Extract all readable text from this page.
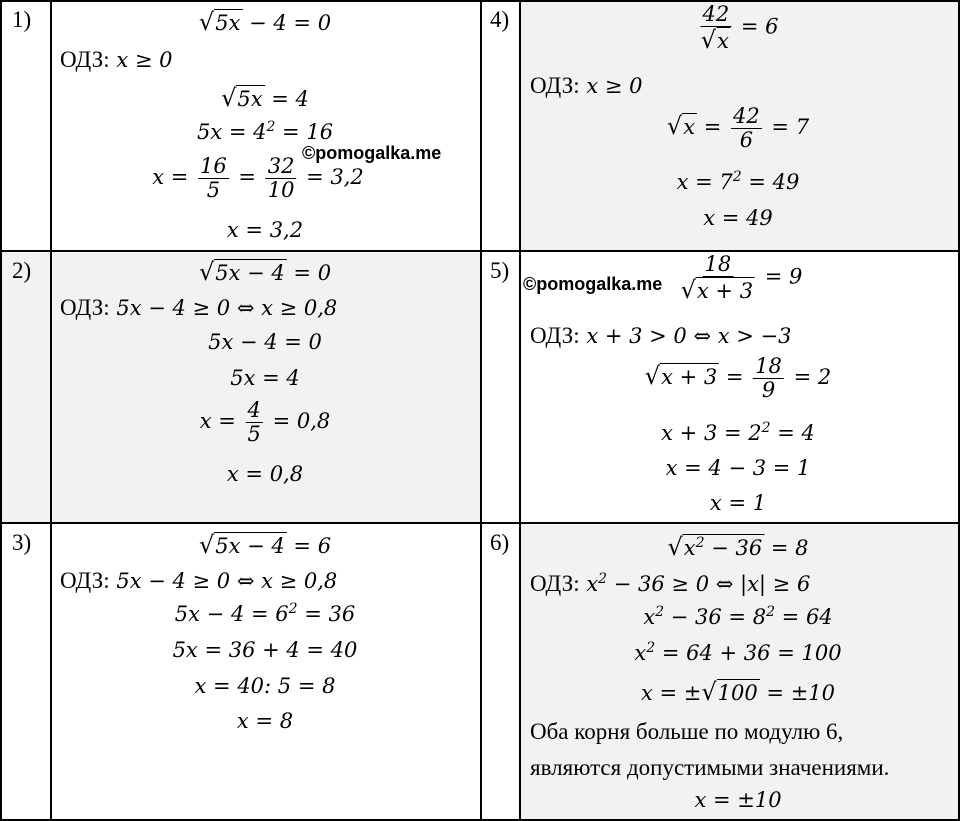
1)
2)
3)
4)
5)
6)
√5x − 4 = 0
ОДЗ: x ≥ 0
√5x = 4
$5x = 4^2 = 16$
$x = \frac{16}{5} = \frac{32}{10} = 3,2$
x = 3,2
©pomogalka.me
√5x − 4 = 0
ОДЗ: 5x − 4 ≥ 0 ⇔ x ≥ 0,8
5x − 4 = 0
5x = 4
$x = \frac{4}{5} = 0,8$
x = 0,8
√5x − 4 = 6
ОДЗ: 5x − 4 ≥ 0 ⇔ x ≥ 0,8
$5x - 4 = 6^2 = 36$
5x = 36 + 4 = 40
x = 40: 5 = 8
x = 8
$\frac{42}{√x} = 6$
ОДЗ: x ≥ 0
$√x = \frac{42}{6} = 7$
$x = 7^2 = 49$
x = 49
©pomogalka.me $\frac{18}{√x + 3} = 9$
ОДЗ: x + 3 > 0 ⇔ x > −3
$√x + 3 = \frac{18}{9} = 2$
$x + 3 = 2^2 = 4$
x = 4 − 3 = 1
x = 1
$√x^2 - 36 = 8$
ОДЗ: $x^2 - 36 \ge 0$ ⇔ |x| ≥ 6
$x^2 - 36 = 8^2 = 64$
$x^2 = 64 + 36 = 100$
x = ±√100 = ±10
Оба корня больше по модулю 6,
являются допустимыми значениями.
x = ±10
